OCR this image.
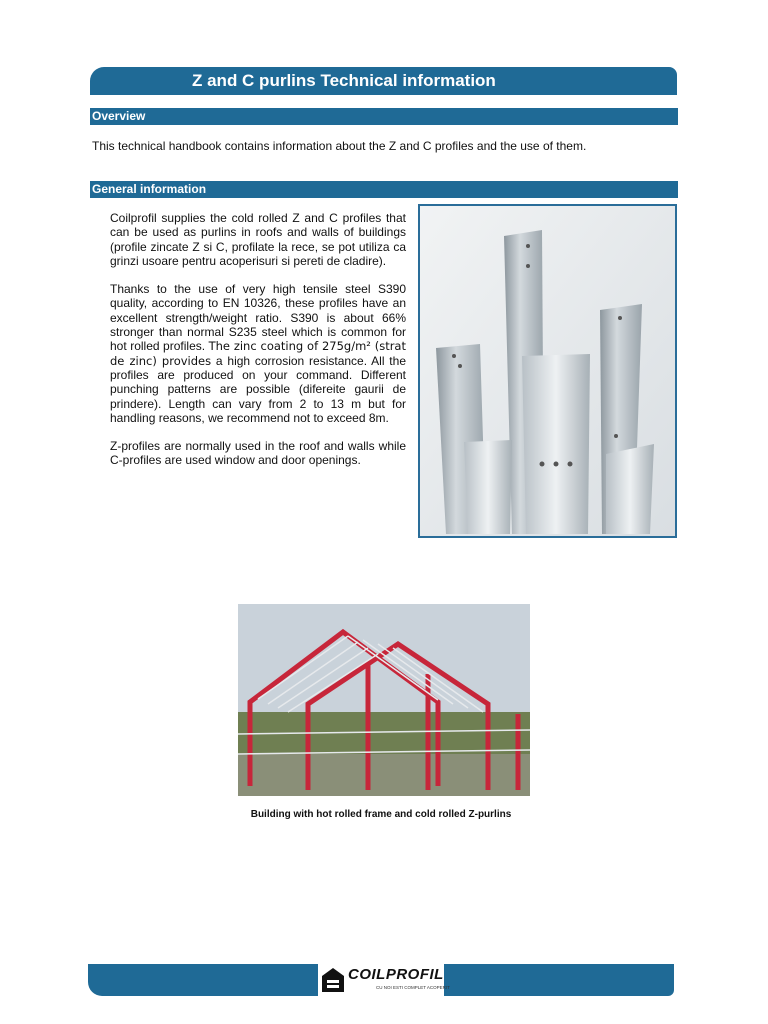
Z and C purlins Technical information
Overview
This technical handbook contains information about the Z and C profiles and the use of them.
General information

Coilprofil supplies the cold rolled Z and C profiles that can be used as purlins in roofs and walls of buildings (profile zincate Z si C, profilate la rece, se pot utiliza ca grinzi usoare pentru acoperisuri si pereti de cladire).

Thanks to the use of very high tensile steel S390 quality, according to EN 10326, these profiles have an excellent strength/weight ratio. S390 is about 66% stronger than normal S235 steel which is common for hot rolled profiles. The zinc coating of 275g/m² (strat de zinc) provides a high corrosion resistance. All the profiles are produced on your command. Different punching patterns are possible (difereite gaurii de prindere). Length can vary from 2 to 13 m but for handling reasons, we recommend not to exceed 8m.

Z-profiles are normally used in the roof and walls while C-profiles are used window and door openings.

Building with hot rolled frame and cold rolled Z-purlins
COILPROFIL
CU NOI ESTI COMPLET ACOPERIT
